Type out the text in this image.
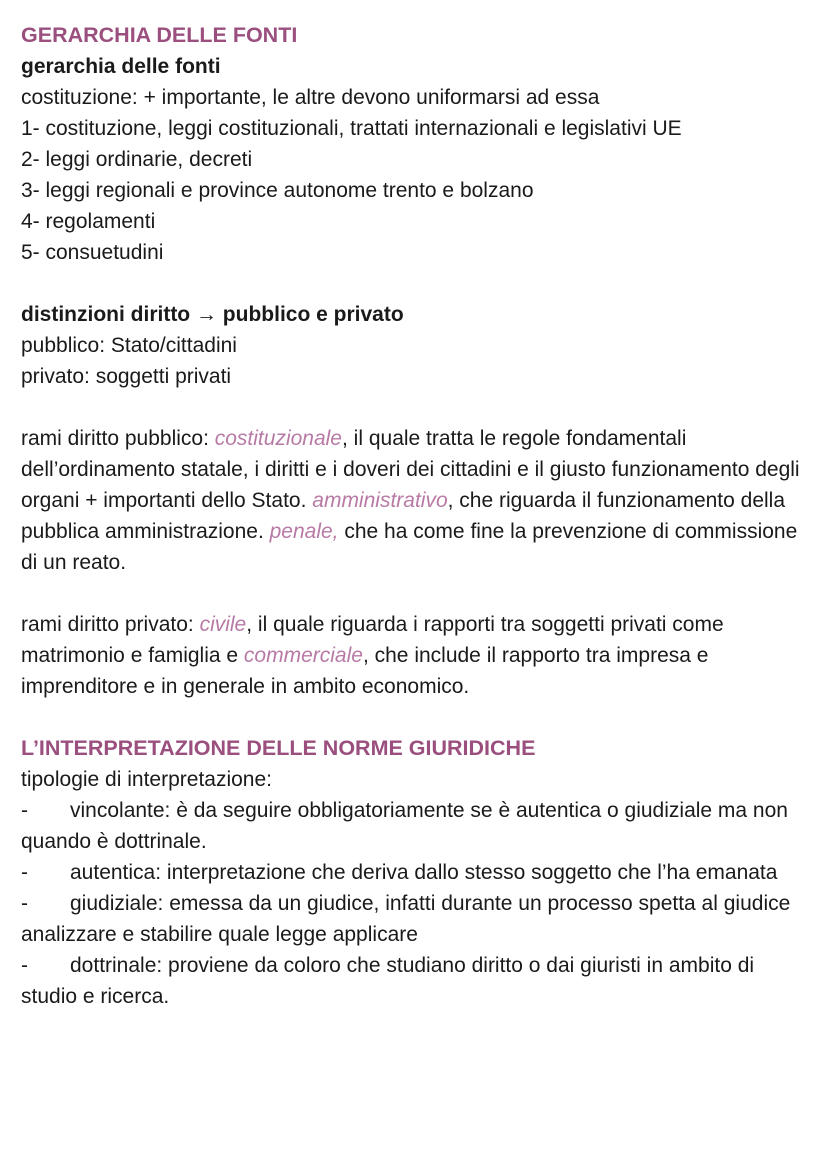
GERARCHIA DELLE FONTI

gerarchia delle fonti

costituzione: + importante, le altre devono uniformarsi ad essa

1- costituzione, leggi costituzionali, trattati internazionali e legislativi UE

2- leggi ordinarie, decreti

3- leggi regionali e province autonome trento e bolzano

4- regolamenti

5- consuetudini

distinzioni diritto → pubblico e privato

pubblico: Stato/cittadini

privato: soggetti privati

rami diritto pubblico: costituzionale, il quale tratta le regole fondamentali dell’ordinamento statale, i diritti e i doveri dei cittadini e il giusto funzionamento degli organi + importanti dello Stato. amministrativo, che riguarda il funzionamento della pubblica amministrazione. penale, che ha come fine la prevenzione di commissione di un reato.

rami diritto privato: civile, il quale riguarda i rapporti tra soggetti privati come matrimonio e famiglia e commerciale, che include il rapporto tra impresa e imprenditore e in generale in ambito economico.

L’INTERPRETAZIONE DELLE NORME GIURIDICHE

tipologie di interpretazione:

- vincolante: è da seguire obbligatoriamente se è autentica o giudiziale ma non quando è dottrinale.

- autentica: interpretazione che deriva dallo stesso soggetto che l’ha emanata

- giudiziale: emessa da un giudice, infatti durante un processo spetta al giudice analizzare e stabilire quale legge applicare

- dottrinale: proviene da coloro che studiano diritto o dai giuristi in ambito di studio e ricerca.
